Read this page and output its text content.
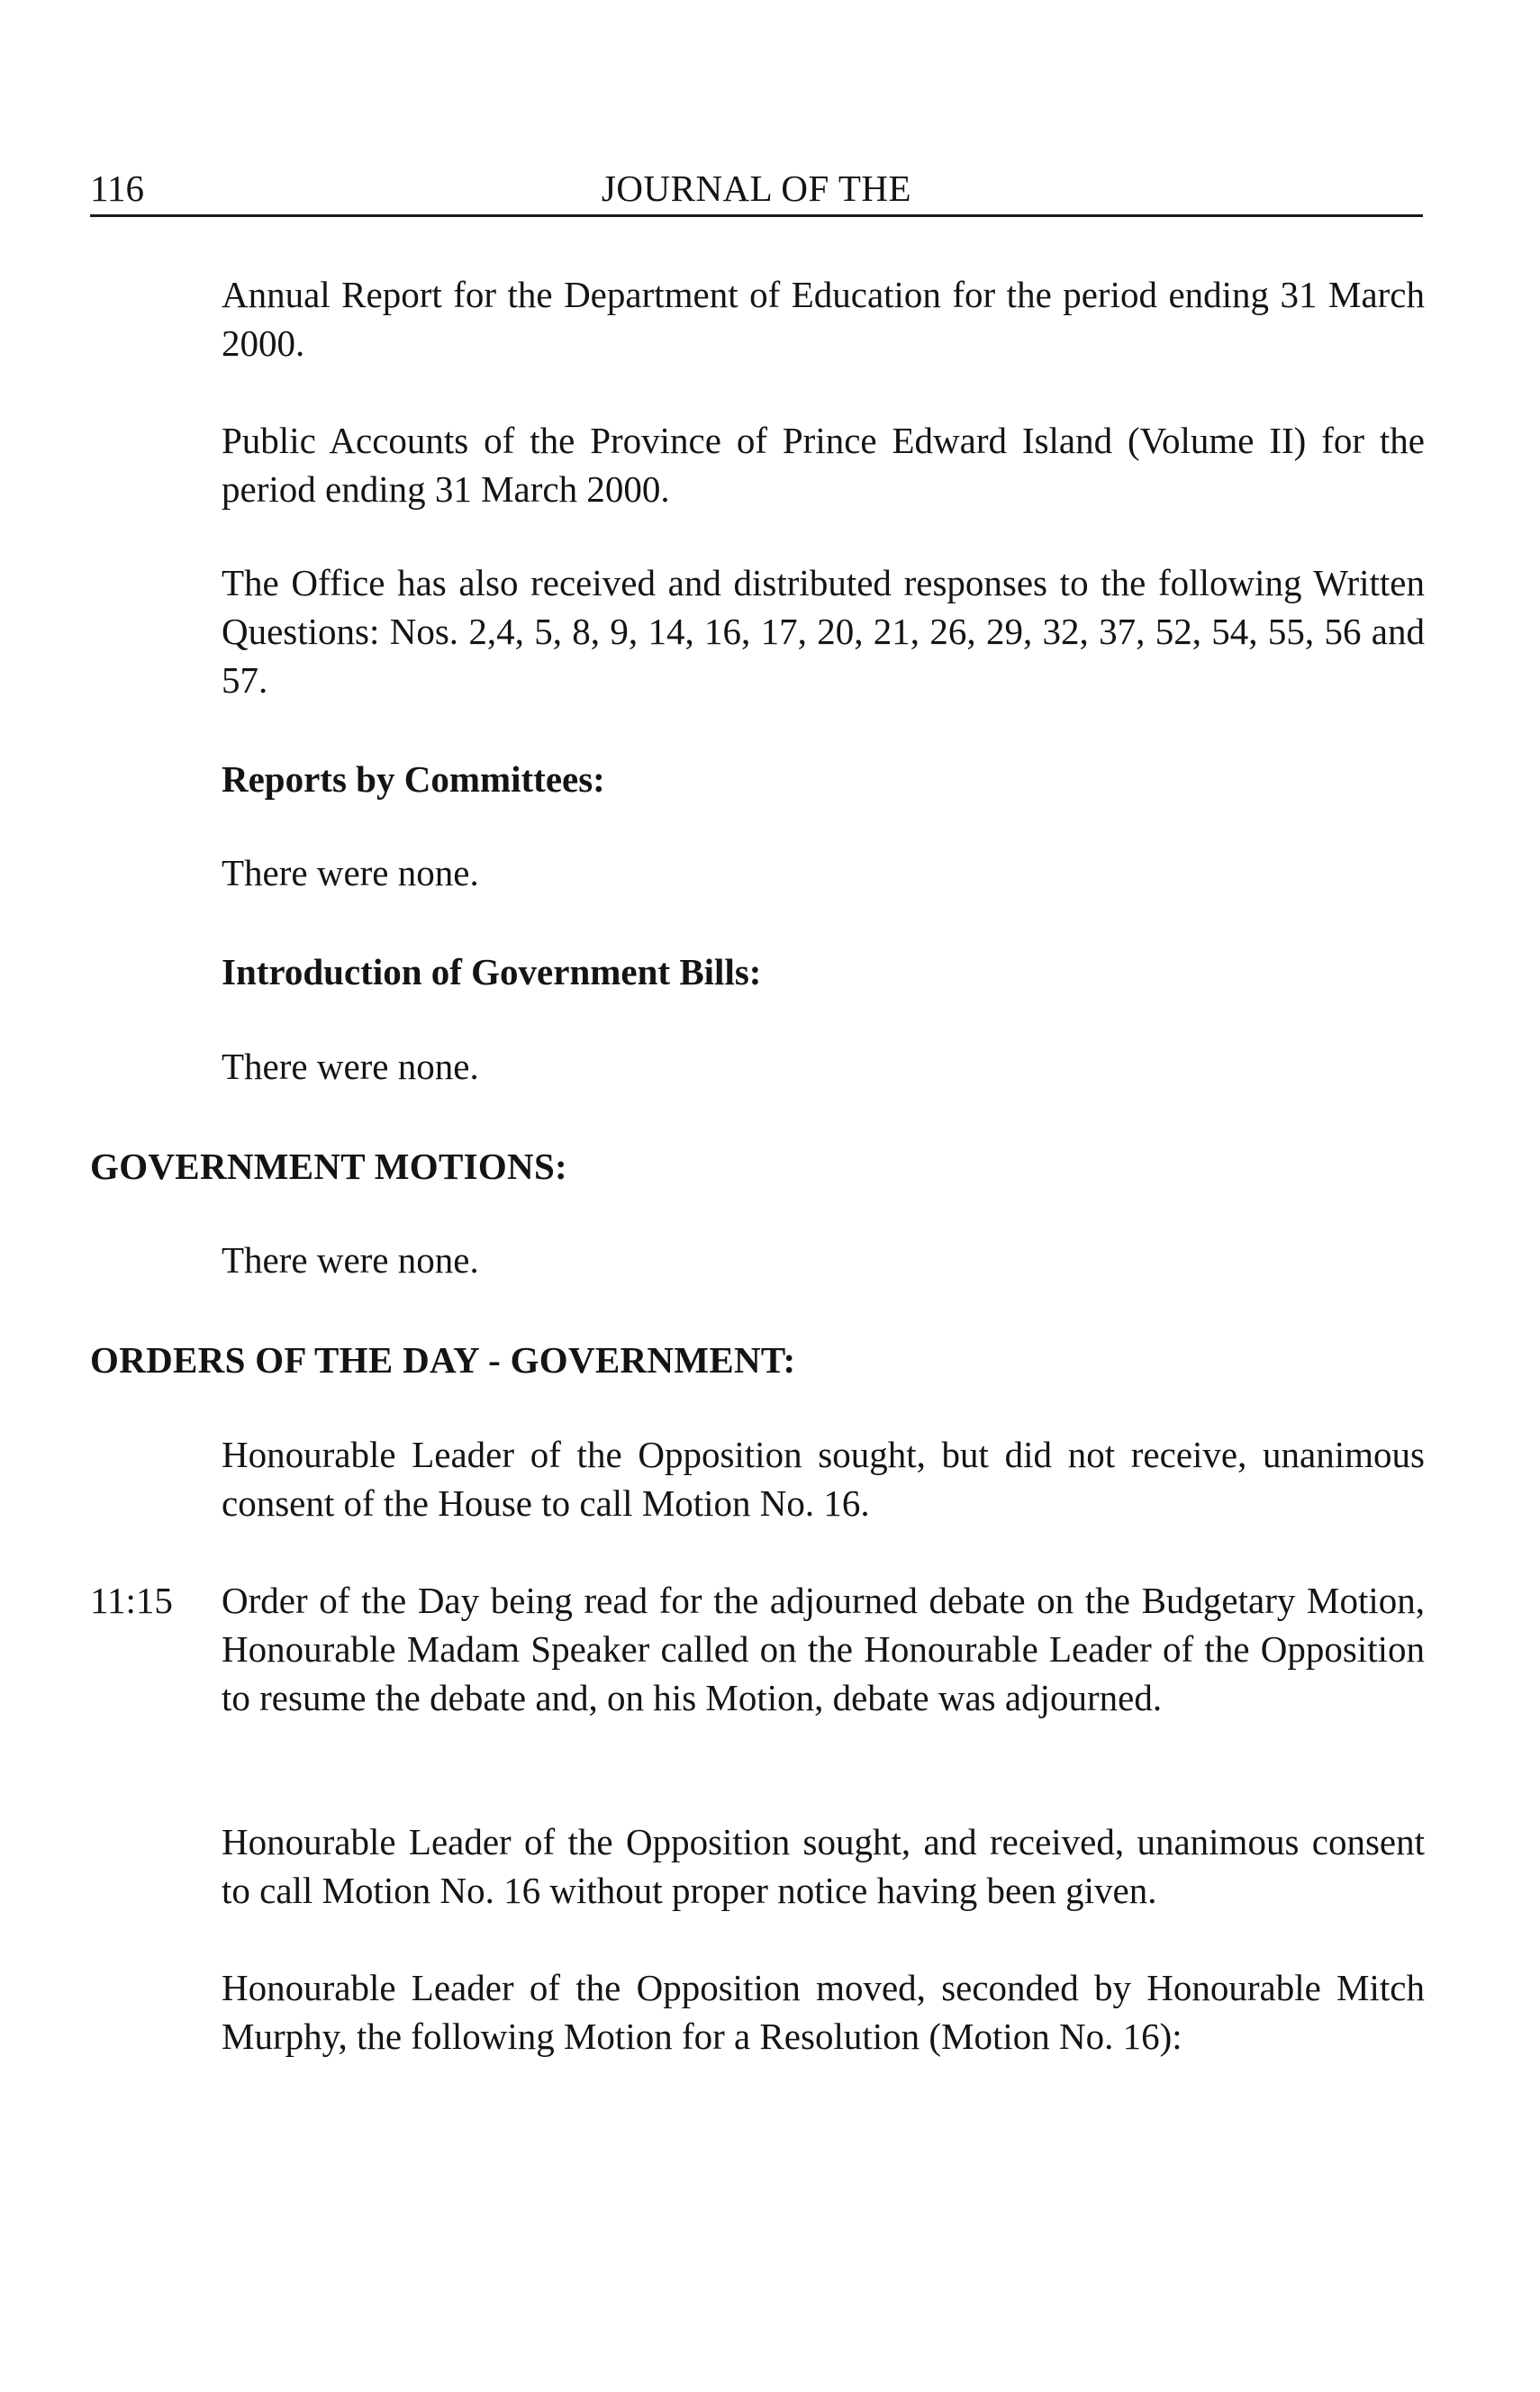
116	JOURNAL OF THE

Annual Report for the Department of Education for the period ending 31 March 2000.

Public Accounts of the Province of Prince Edward Island (Volume II) for the period ending 31 March 2000.

The Office has also received and distributed responses to the following Written Questions: Nos. 2,4, 5, 8, 9, 14, 16, 17, 20, 21, 26, 29, 32, 37, 52, 54, 55, 56 and 57.

Reports by Committees:

There were none.

Introduction of Government Bills:

There were none.

GOVERNMENT MOTIONS:

There were none.

ORDERS OF THE DAY - GOVERNMENT:

Honourable Leader of the Opposition sought, but did not receive, unanimous consent of the House to call Motion No. 16.

11:15 Order of the Day being read for the adjourned debate on the Budgetary Motion, Honourable Madam Speaker called on the Honourable Leader of the Opposition to resume the debate and, on his Motion, debate was adjourned.

Honourable Leader of the Opposition sought, and received, unanimous consent to call Motion No. 16 without proper notice having been given.

Honourable Leader of the Opposition moved, seconded by Honourable Mitch Murphy, the following Motion for a Resolution (Motion No. 16):
